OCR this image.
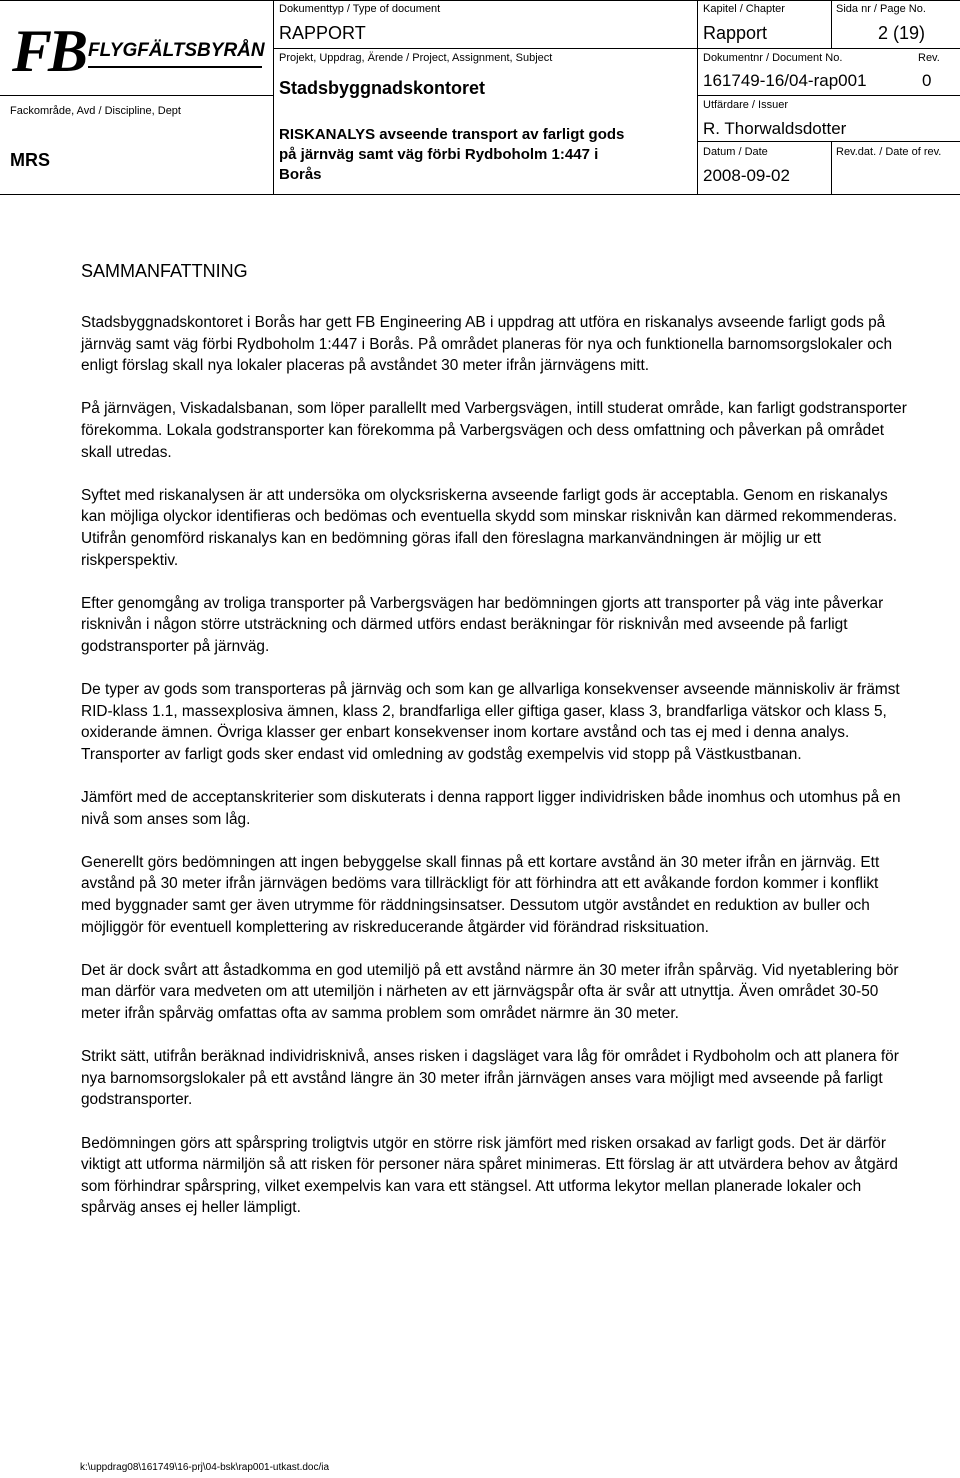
FB FLYGFÄLTSBYRÅN
Fackområde, Avd / Discipline, Dept
MRS
Dokumenttyp / Type of document
RAPPORT
Kapitel / Chapter
Rapport
Sida nr / Page No.
2 (19)
Projekt, Uppdrag, Ärende / Project, Assignment, Subject
Stadsbyggnadskontoret
RISKANALYS avseende transport av farligt gods
på järnväg samt väg förbi Rydboholm 1:447 i
Borås
Dokumentnr / Document No.
161749-16/04-rap001
Rev.
0
Utfärdare / Issuer
R. Thorwaldsdotter
Datum / Date
2008-09-02
Rev.dat. / Date of rev.
SAMMANFATTNING

Stadsbyggnadskontoret i Borås har gett FB Engineering AB i uppdrag att utföra en riskanalys avseende farligt gods på järnväg samt väg förbi Rydboholm 1:447 i Borås. På området planeras för nya och funktionella barnomsorgslokaler och enligt förslag skall nya lokaler placeras på avståndet 30 meter ifrån järnvägens mitt.

På järnvägen, Viskadalsbanan, som löper parallellt med Varbergsvägen, intill studerat område, kan farligt godstransporter förekomma. Lokala godstransporter kan förekomma på Varbergsvägen och dess omfattning och påverkan på området skall utredas.

Syftet med riskanalysen är att undersöka om olycksriskerna avseende farligt gods är acceptabla. Genom en riskanalys kan möjliga olyckor identifieras och bedömas och eventuella skydd som minskar risknivån kan därmed rekommenderas. Utifrån genomförd riskanalys kan en bedömning göras ifall den föreslagna markanvändningen är möjlig ur ett riskperspektiv.

Efter genomgång av troliga transporter på Varbergsvägen har bedömningen gjorts att transporter på väg inte påverkar risknivån i någon större utsträckning och därmed utförs endast beräkningar för risknivån med avseende på farligt godstransporter på järnväg.

De typer av gods som transporteras på järnväg och som kan ge allvarliga konsekvenser avseende människoliv är främst RID-klass 1.1, massexplosiva ämnen, klass 2, brandfarliga eller giftiga gaser, klass 3, brandfarliga vätskor och klass 5, oxiderande ämnen. Övriga klasser ger enbart konsekvenser inom kortare avstånd och tas ej med i denna analys. Transporter av farligt gods sker endast vid omledning av godståg exempelvis vid stopp på Västkustbanan.

Jämfört med de acceptanskriterier som diskuterats i denna rapport ligger individrisken både inomhus och utomhus på en nivå som anses som låg.

Generellt görs bedömningen att ingen bebyggelse skall finnas på ett kortare avstånd än 30 meter ifrån en järnväg. Ett avstånd på 30 meter ifrån järnvägen bedöms vara tillräckligt för att förhindra att ett avåkande fordon kommer i konflikt med byggnader samt ger även utrymme för räddningsinsatser. Dessutom utgör avståndet en reduktion av buller och möjliggör för eventuell komplettering av riskreducerande åtgärder vid förändrad risksituation.

Det är dock svårt att åstadkomma en god utemiljö på ett avstånd närmre än 30 meter ifrån spårväg. Vid nyetablering bör man därför vara medveten om att utemiljön i närheten av ett järnvägspår ofta är svår att utnyttja. Även området 30-50 meter ifrån spårväg omfattas ofta av samma problem som området närmre än 30 meter.

Strikt sätt, utifrån beräknad individrisknivå, anses risken i dagsläget vara låg för området i Rydboholm och att planera för nya barnomsorgslokaler på ett avstånd längre än 30 meter ifrån järnvägen anses vara möjligt med avseende på farligt godstransporter.

Bedömningen görs att spårspring troligtvis utgör en större risk jämfört med risken orsakad av farligt gods. Det är därför viktigt att utforma närmiljön så att risken för personer nära spåret minimeras. Ett förslag är att utvärdera behov av åtgärd som förhindrar spårspring, vilket exempelvis kan vara ett stängsel. Att utforma lekytor mellan planerade lokaler och spårväg anses ej heller lämpligt.

k:\uppdrag08\161749\16-prj\04-bsk\rap001-utkast.doc/ia
